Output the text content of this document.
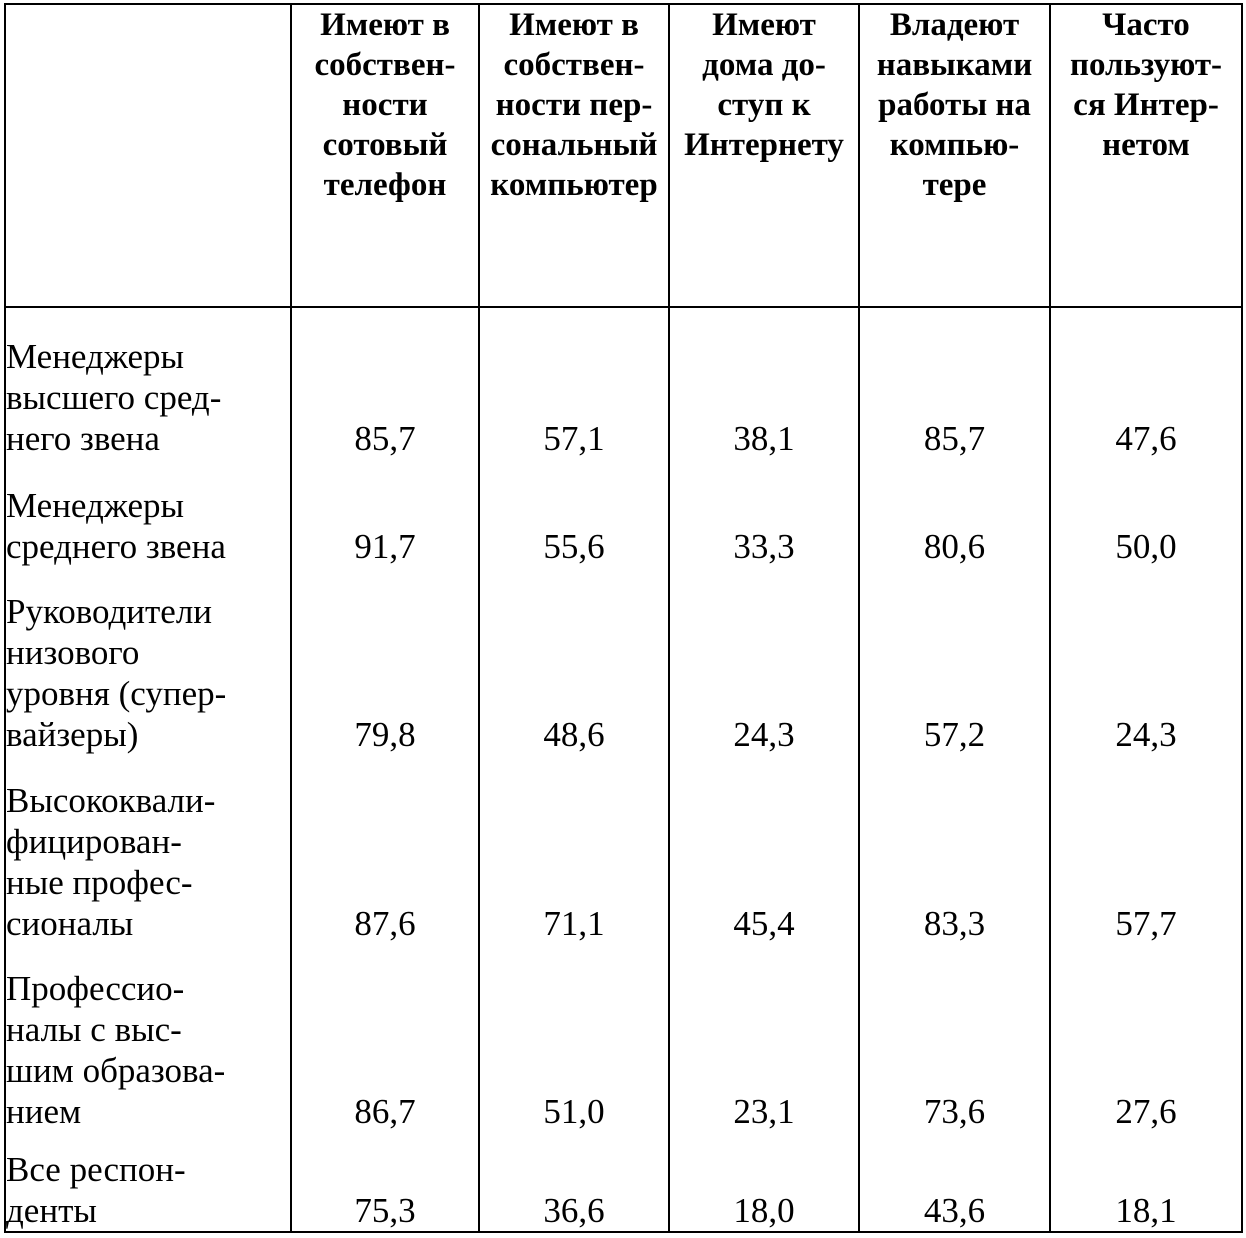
	Имеют в
собствен-
ности
сотовый
телефон	Имеют в
собствен-
ности пер-
сональный
компьютер	Имеют
дома до-
ступ к
Интернету	Владеют
навыками
работы на
компью-
тере	Часто
пользуют-
ся Интер-
нетом
Менеджеры
высшего сред-
него звена	85,7	57,1	38,1	85,7	47,6
Менеджеры
среднего звена	91,7	55,6	33,3	80,6	50,0
Руководители
низового
уровня (супер-
вайзеры)	79,8	48,6	24,3	57,2	24,3
Высококвали-
фицирован-
ные профес-
сионалы	87,6	71,1	45,4	83,3	57,7
Профессио-
налы с выс-
шим образова-
нием	86,7	51,0	23,1	73,6	27,6
Все респон-
денты	75,3	36,6	18,0	43,6	18,1
